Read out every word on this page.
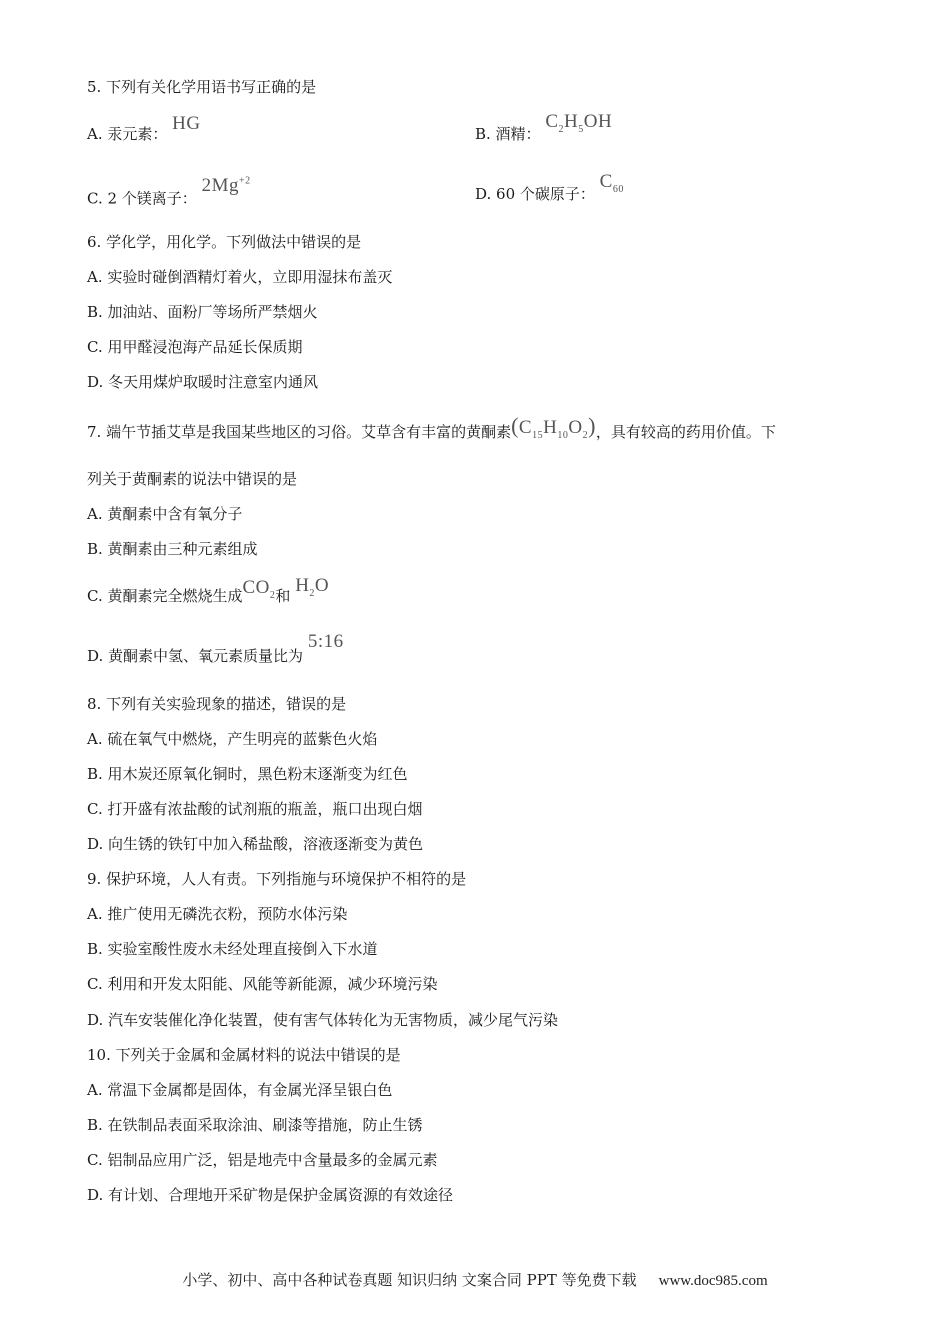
5. 下列有关化学用语书写正确的是
A. 汞元素： HG	B. 酒精： $C_2H_5OH$
C. 2 个镁离子： $2Mg^{+2}$
D. 60 个碳原子： $C_{60}$
6. 学化学，用化学。下列做法中错误的是
A. 实验时碰倒酒精灯着火，立即用湿抹布盖灭
B. 加油站、面粉厂等场所严禁烟火
C. 用甲醛浸泡海产品延长保质期
D. 冬天用煤炉取暖时注意室内通风
7. 端午节插艾草是我国某些地区的习俗。艾草含有丰富的黄酮素$(C_{15}H_{10}O_2)$，具有较高的药用价值。下
列关于黄酮素的说法中错误的是
A. 黄酮素中含有氧分子
B. 黄酮素由三种元素组成
C. 黄酮素完全燃烧生成$CO_2$和 $H_2O$
D. 黄酮素中氢、氧元素质量比为 5:16
8. 下列有关实验现象的描述，错误的是
A. 硫在氧气中燃烧，产生明亮的蓝紫色火焰
B. 用木炭还原氧化铜时，黑色粉末逐渐变为红色
C. 打开盛有浓盐酸的试剂瓶的瓶盖，瓶口出现白烟
D. 向生锈的铁钉中加入稀盐酸，溶液逐渐变为黄色
9. 保护环境，人人有责。下列指施与环境保护不相符的是
A. 推广使用无磷洗衣粉，预防水体污染
B. 实验室酸性废水未经处理直接倒入下水道
C. 利用和开发太阳能、风能等新能源，减少环境污染
D. 汽车安装催化净化装置，使有害气体转化为无害物质，减少尾气污染
10. 下列关于金属和金属材料的说法中错误的是
A. 常温下金属都是固体，有金属光泽呈银白色
B. 在铁制品表面采取涂油、刷漆等措施，防止生锈
C. 铝制品应用广泛，铝是地壳中含量最多的金属元素
D. 有计划、合理地开采矿物是保护金属资源的有效途径
小学、初中、高中各种试卷真题 知识归纳 文案合同 PPT 等免费下载 www.doc985.com
